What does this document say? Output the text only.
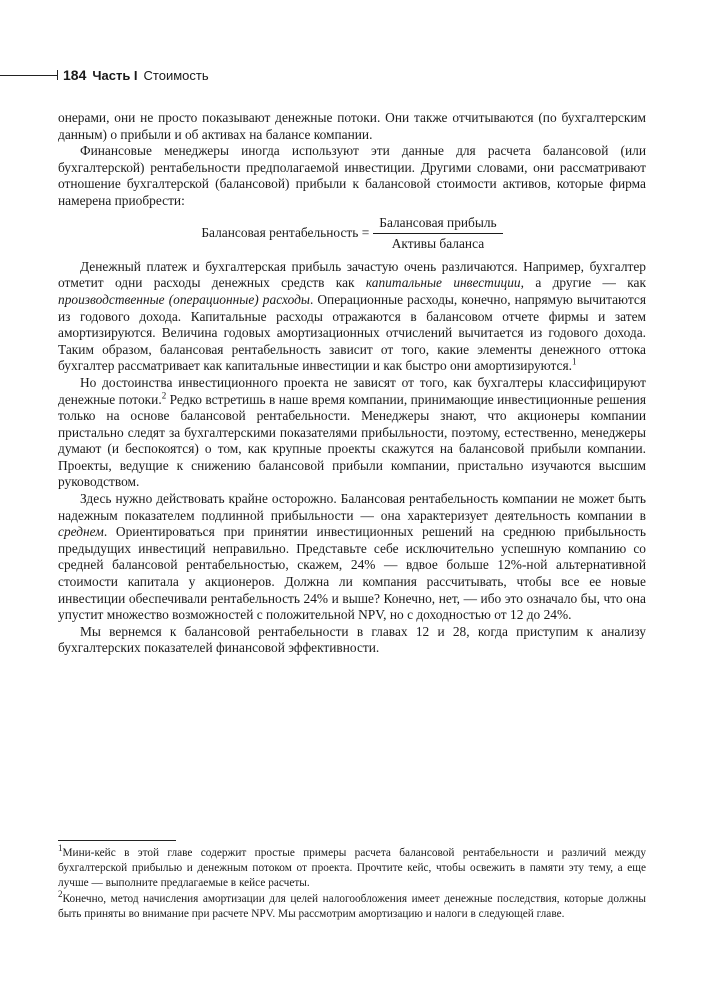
184 Часть I Стоимость

онерами, они не просто показывают денежные потоки. Они также отчитываются (по бухгалтерским данным) о прибыли и об активах на балансе компании.

Финансовые менеджеры иногда используют эти данные для расчета балансовой (или бухгалтерской) рентабельности предполагаемой инвестиции. Другими словами, они рассматривают отношение бухгалтерской (балансовой) прибыли к балансовой стоимости активов, которые фирма намерена приобрести:

Балансовая рентабельность = $\frac{\text{Балансовая прибыль}}{\text{Активы баланса}}$

Денежный платеж и бухгалтерская прибыль зачастую очень различаются. Например, бухгалтер отметит одни расходы денежных средств как капитальные инвестиции, а другие — как производственные (операционные) расходы. Операционные расходы, конечно, напрямую вычитаются из годового дохода. Капитальные расходы отражаются в балансовом отчете фирмы и затем амортизируются. Величина годовых амортизационных отчислений вычитается из годового дохода. Таким образом, балансовая рентабельность зависит от того, какие элементы денежного оттока бухгалтер рассматривает как капитальные инвестиции и как быстро они амортизируются.$^1$

Но достоинства инвестиционного проекта не зависят от того, как бухгалтеры классифицируют денежные потоки.$^2$ Редко встретишь в наше время компании, принимающие инвестиционные решения только на основе балансовой рентабельности. Менеджеры знают, что акционеры компании пристально следят за бухгалтерскими показателями прибыльности, поэтому, естественно, менеджеры думают (и беспокоятся) о том, как крупные проекты скажутся на балансовой прибыли компании. Проекты, ведущие к снижению балансовой прибыли компании, пристально изучаются высшим руководством.

Здесь нужно действовать крайне осторожно. Балансовая рентабельность компании не может быть надежным показателем подлинной прибыльности — она характеризует деятельность компании в среднем. Ориентироваться при принятии инвестиционных решений на среднюю прибыльность предыдущих инвестиций неправильно. Представьте себе исключительно успешную компанию со средней балансовой рентабельностью, скажем, 24% — вдвое больше 12%-ной альтернативной стоимости капитала у акционеров. Должна ли компания рассчитывать, чтобы все ее новые инвестиции обеспечивали рентабельность 24% и выше? Конечно, нет, — ибо это означало бы, что она упустит множество возможностей с положительной NPV, но с доходностью от 12 до 24%.

Мы вернемся к балансовой рентабельности в главах 12 и 28, когда приступим к анализу бухгалтерских показателей финансовой эффективности.

$^1$Мини-кейс в этой главе содержит простые примеры расчета балансовой рентабельности и различий между бухгалтерской прибылью и денежным потоком от проекта. Прочтите кейс, чтобы освежить в памяти эту тему, а еще лучше — выполните предлагаемые в кейсе расчеты.

$^2$Конечно, метод начисления амортизации для целей налогообложения имеет денежные последствия, которые должны быть приняты во внимание при расчете NPV. Мы рассмотрим амортизацию и налоги в следующей главе.
